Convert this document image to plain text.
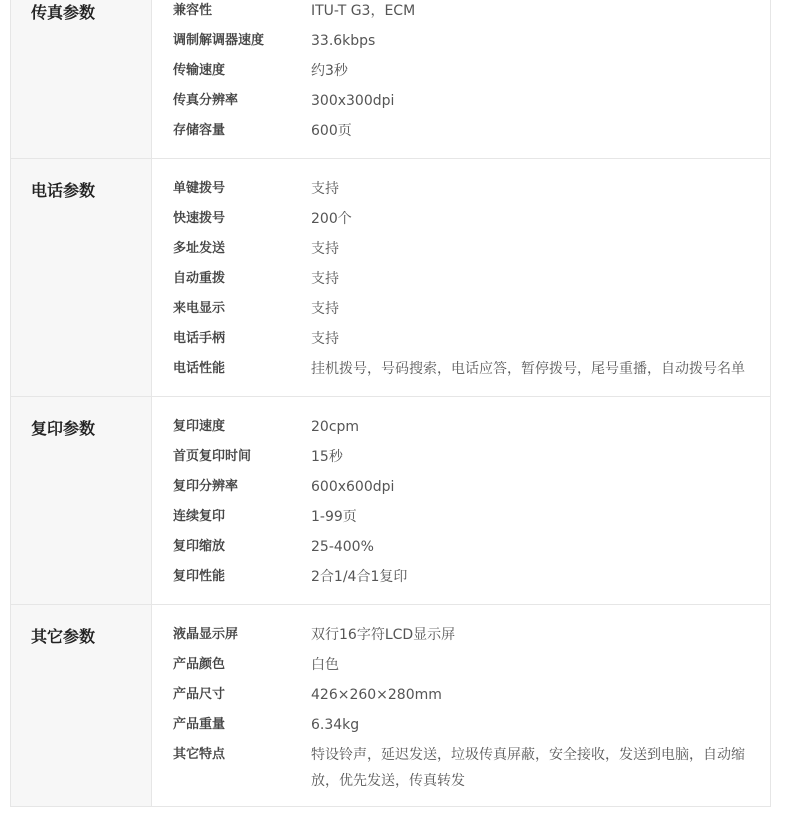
传真参数	兼容性	ITU-T G3，ECM
调制解调器速度	33.6kbps
传输速度	约3秒
传真分辨率	300x300dpi
存储容量	600页
电话参数	单键拨号	支持
快速拨号	200个
多址发送	支持
自动重拨	支持
来电显示	支持
电话手柄	支持
电话性能	挂机拨号，号码搜索，电话应答，暂停拨号，尾号重播，自动拨号名单
复印参数	复印速度	20cpm
首页复印时间	15秒
复印分辨率	600x600dpi
连续复印	1-99页
复印缩放	25-400%
复印性能	2合1/4合1复印
其它参数	液晶显示屏	双行16字符LCD显示屏
产品颜色	白色
产品尺寸	426×260×280mm
产品重量	6.34kg
其它特点	特设铃声，延迟发送，垃圾传真屏蔽，安全接收，发送到电脑，自动缩放，优先发送，传真转发
